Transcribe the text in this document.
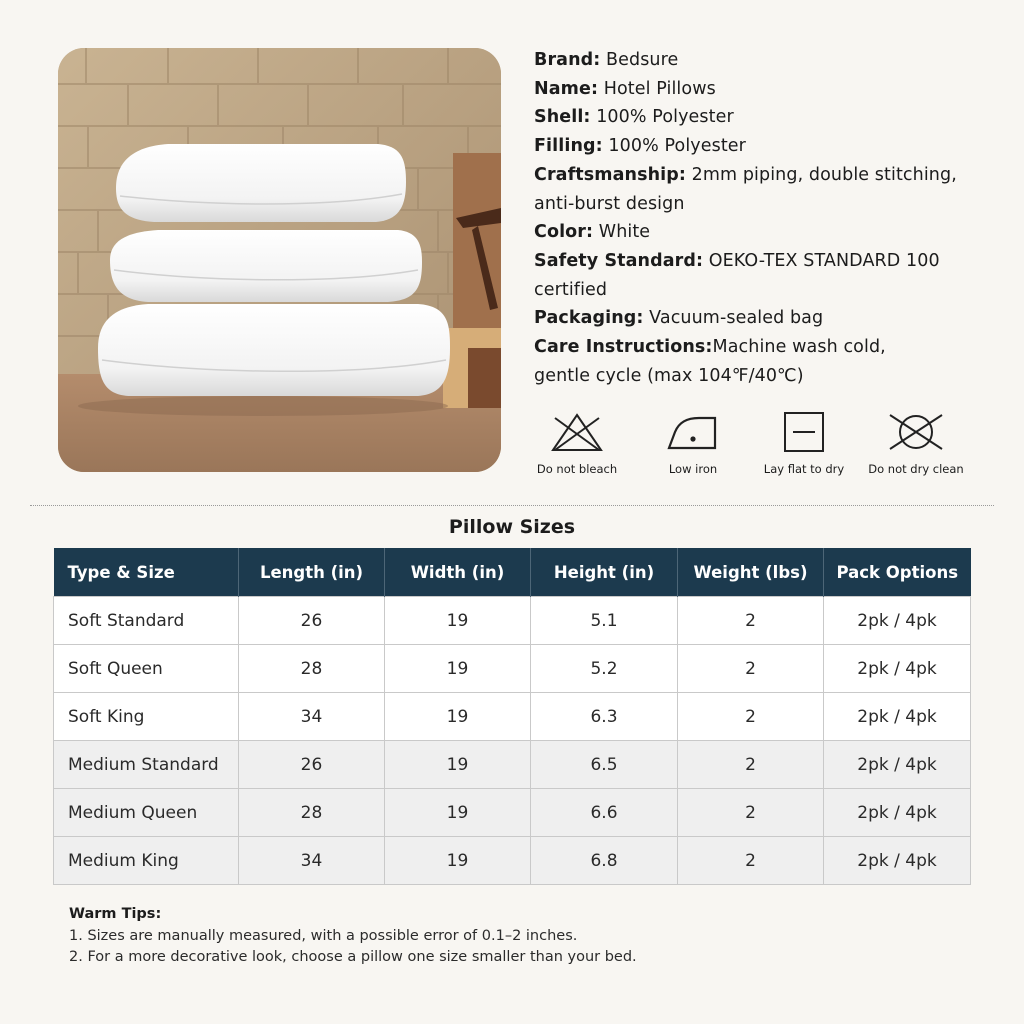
Brand: Bedsure
Name: Hotel Pillows
Shell: 100% Polyester
Filling: 100% Polyester
Craftsmanship: 2mm piping, double stitching,
anti-burst design
Color: White
Safety Standard: OEKO-TEX STANDARD 100
certified
Packaging: Vacuum-sealed bag
Care Instructions:Machine wash cold,
gentle cycle (max 104℉/40℃)
Do not bleach	Low iron	Lay flat to dry	Do not dry clean
Pillow Sizes
Type & Size	Length (in)	Width (in)	Height (in)	Weight (lbs)	Pack Options
Soft Standard	26	19	5.1	2	2pk / 4pk
Soft Queen	28	19	5.2	2	2pk / 4pk
Soft King	34	19	6.3	2	2pk / 4pk
Medium Standard	26	19	6.5	2	2pk / 4pk
Medium Queen	28	19	6.6	2	2pk / 4pk
Medium King	34	19	6.8	2	2pk / 4pk
Warm Tips:
1. Sizes are manually measured, with a possible error of 0.1–2 inches.
2. For a more decorative look, choose a pillow one size smaller than your bed.
